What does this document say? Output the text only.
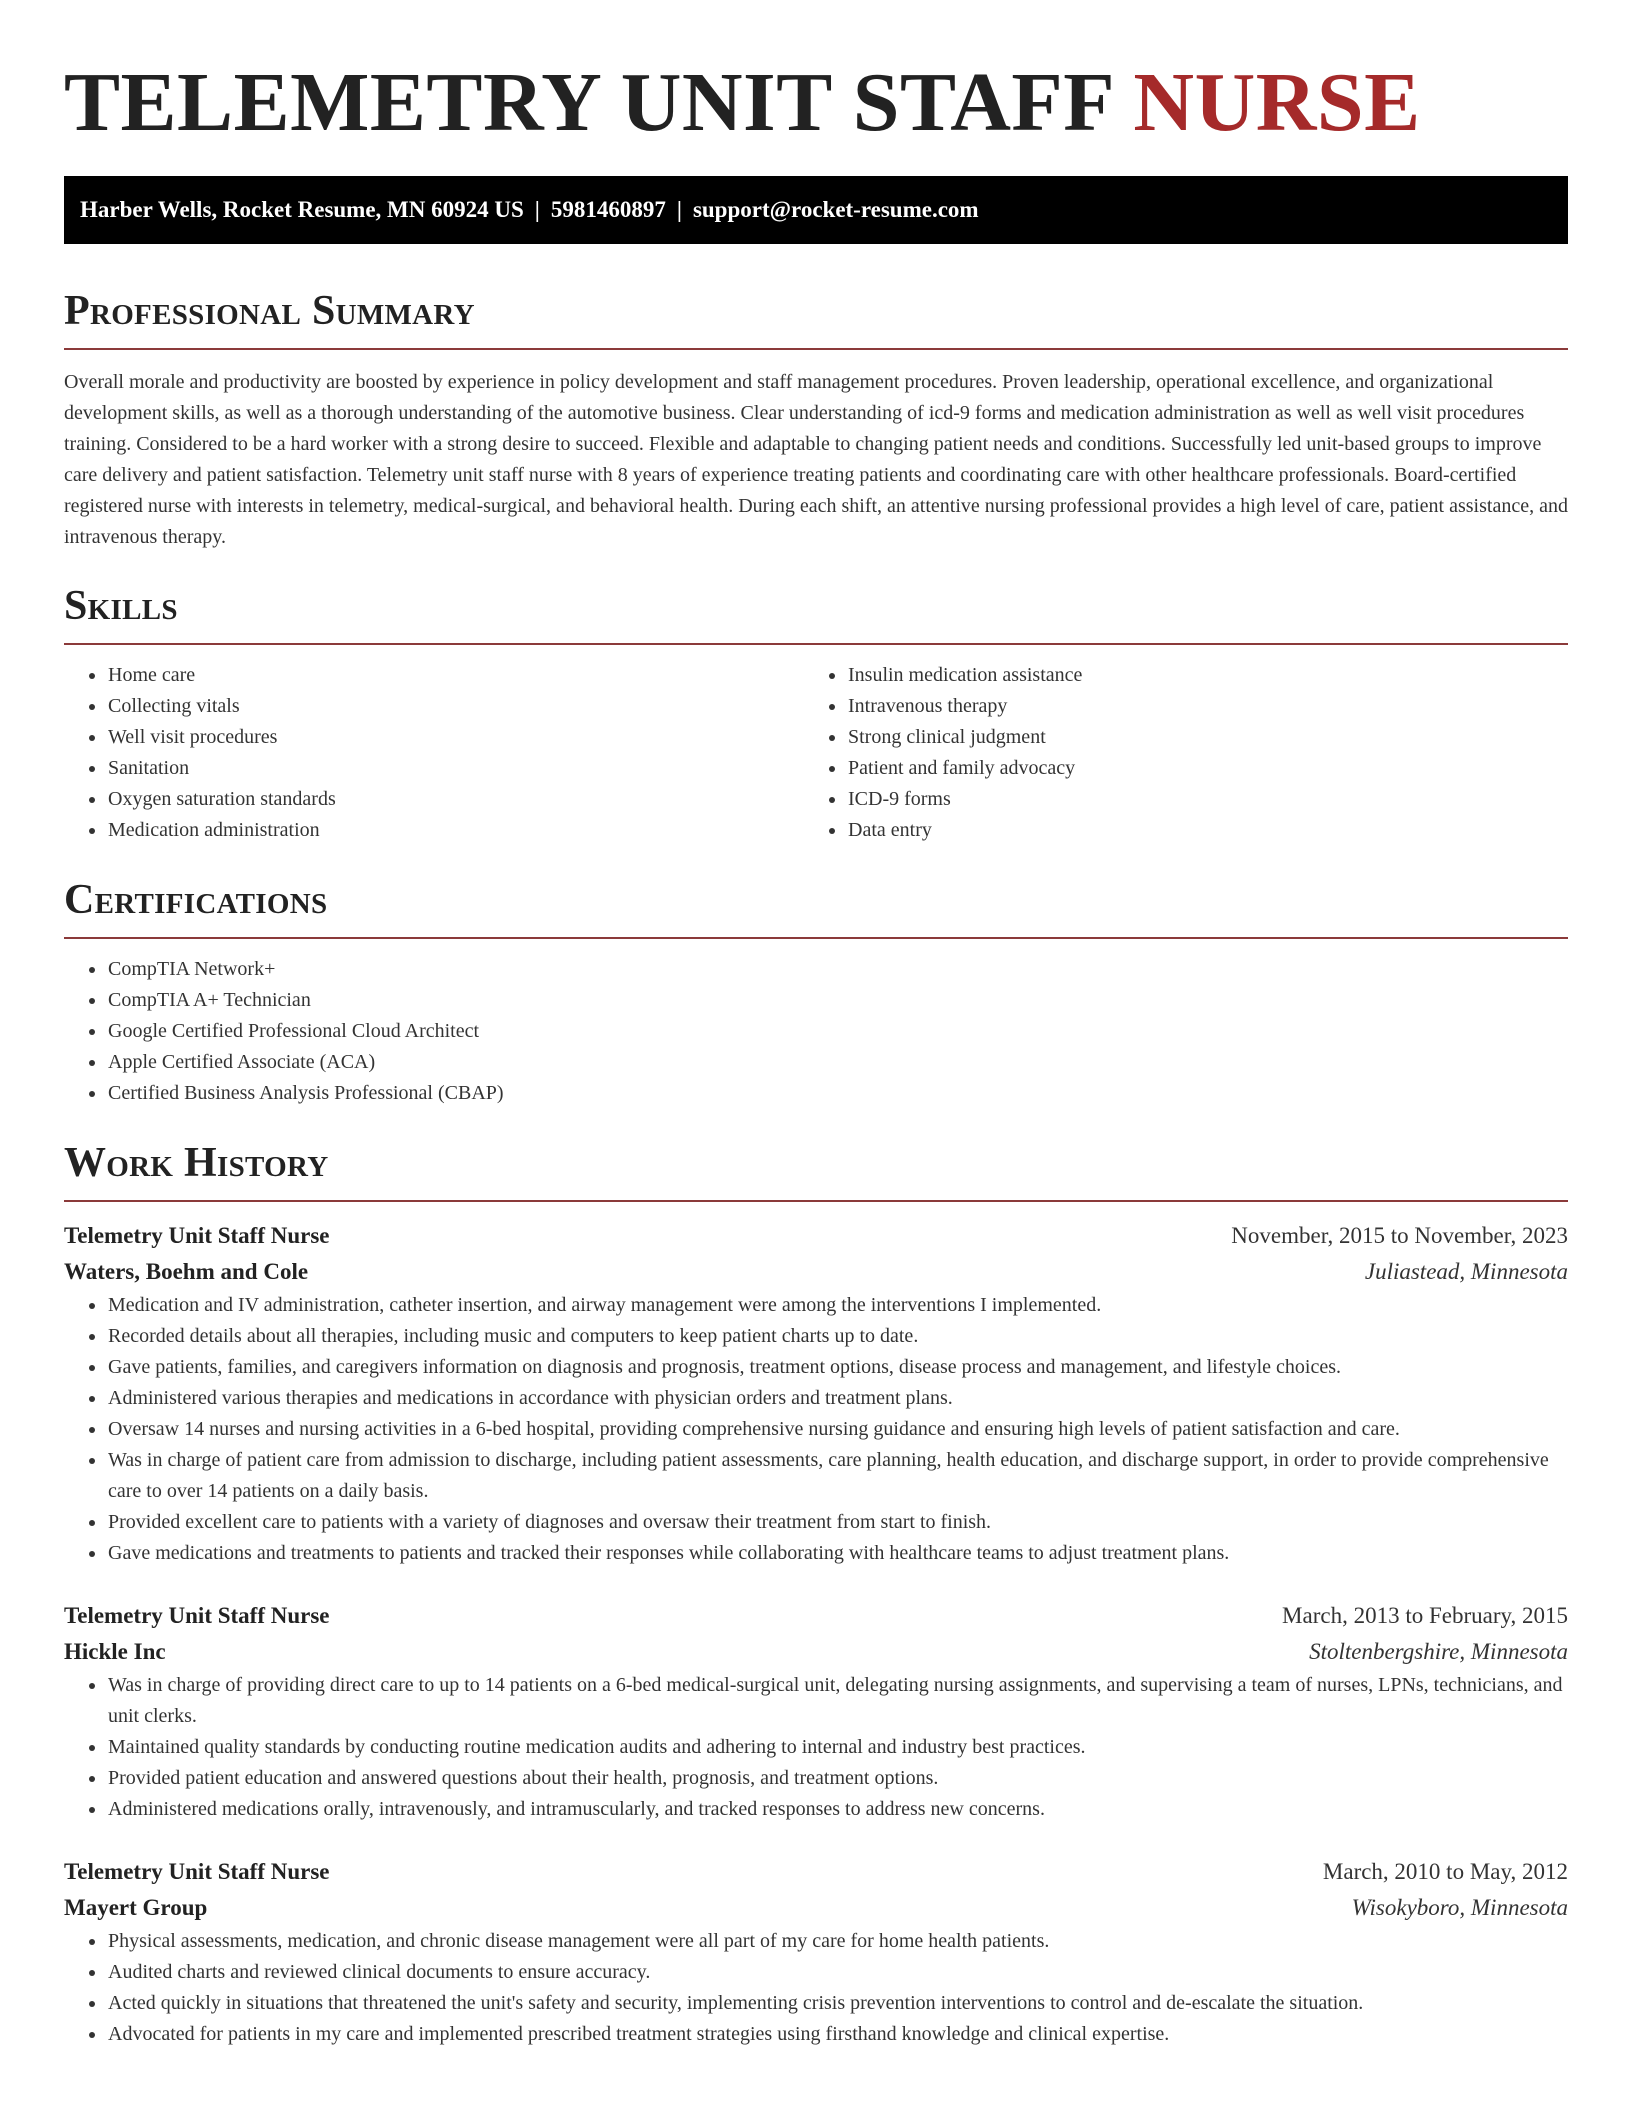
TELEMETRY UNIT STAFF NURSE
Harber Wells, Rocket Resume, MN 60924 US | 5981460897 | support@rocket-resume.com
Professional Summary

Overall morale and productivity are boosted by experience in policy development and staff management procedures. Proven leadership, operational excellence, and organizational development skills, as well as a thorough understanding of the automotive business. Clear understanding of icd-9 forms and medication administration as well as well visit procedures training. Considered to be a hard worker with a strong desire to succeed. Flexible and adaptable to changing patient needs and conditions. Successfully led unit-based groups to improve care delivery and patient satisfaction. Telemetry unit staff nurse with 8 years of experience treating patients and coordinating care with other healthcare professionals. Board-certified registered nurse with interests in telemetry, medical-surgical, and behavioral health. During each shift, an attentive nursing professional provides a high level of care, patient assistance, and intravenous therapy.

Skills
• Home care
• Collecting vitals
• Well visit procedures
• Sanitation
• Oxygen saturation standards
• Medication administration
• Insulin medication assistance
• Intravenous therapy
• Strong clinical judgment
• Patient and family advocacy
• ICD-9 forms
• Data entry
Certifications
• CompTIA Network+
• CompTIA A+ Technician
• Google Certified Professional Cloud Architect
• Apple Certified Associate (ACA)
• Certified Business Analysis Professional (CBAP)
Work History
Telemetry Unit Staff Nurse	November, 2015 to November, 2023
Waters, Boehm and Cole	Juliastead, Minnesota
• Medication and IV administration, catheter insertion, and airway management were among the interventions I implemented.
• Recorded details about all therapies, including music and computers to keep patient charts up to date.
• Gave patients, families, and caregivers information on diagnosis and prognosis, treatment options, disease process and management, and lifestyle choices.
• Administered various therapies and medications in accordance with physician orders and treatment plans.
• Oversaw 14 nurses and nursing activities in a 6-bed hospital, providing comprehensive nursing guidance and ensuring high levels of patient satisfaction and care.
• Was in charge of patient care from admission to discharge, including patient assessments, care planning, health education, and discharge support, in order to provide comprehensive care to over 14 patients on a daily basis.
• Provided excellent care to patients with a variety of diagnoses and oversaw their treatment from start to finish.
• Gave medications and treatments to patients and tracked their responses while collaborating with healthcare teams to adjust treatment plans.
Telemetry Unit Staff Nurse	March, 2013 to February, 2015
Hickle Inc	Stoltenbergshire, Minnesota
• Was in charge of providing direct care to up to 14 patients on a 6-bed medical-surgical unit, delegating nursing assignments, and supervising a team of nurses, LPNs, technicians, and unit clerks.
• Maintained quality standards by conducting routine medication audits and adhering to internal and industry best practices.
• Provided patient education and answered questions about their health, prognosis, and treatment options.
• Administered medications orally, intravenously, and intramuscularly, and tracked responses to address new concerns.
Telemetry Unit Staff Nurse	March, 2010 to May, 2012
Mayert Group	Wisokyboro, Minnesota
• Physical assessments, medication, and chronic disease management were all part of my care for home health patients.
• Audited charts and reviewed clinical documents to ensure accuracy.
• Acted quickly in situations that threatened the unit's safety and security, implementing crisis prevention interventions to control and de-escalate the situation.
• Advocated for patients in my care and implemented prescribed treatment strategies using firsthand knowledge and clinical expertise.
